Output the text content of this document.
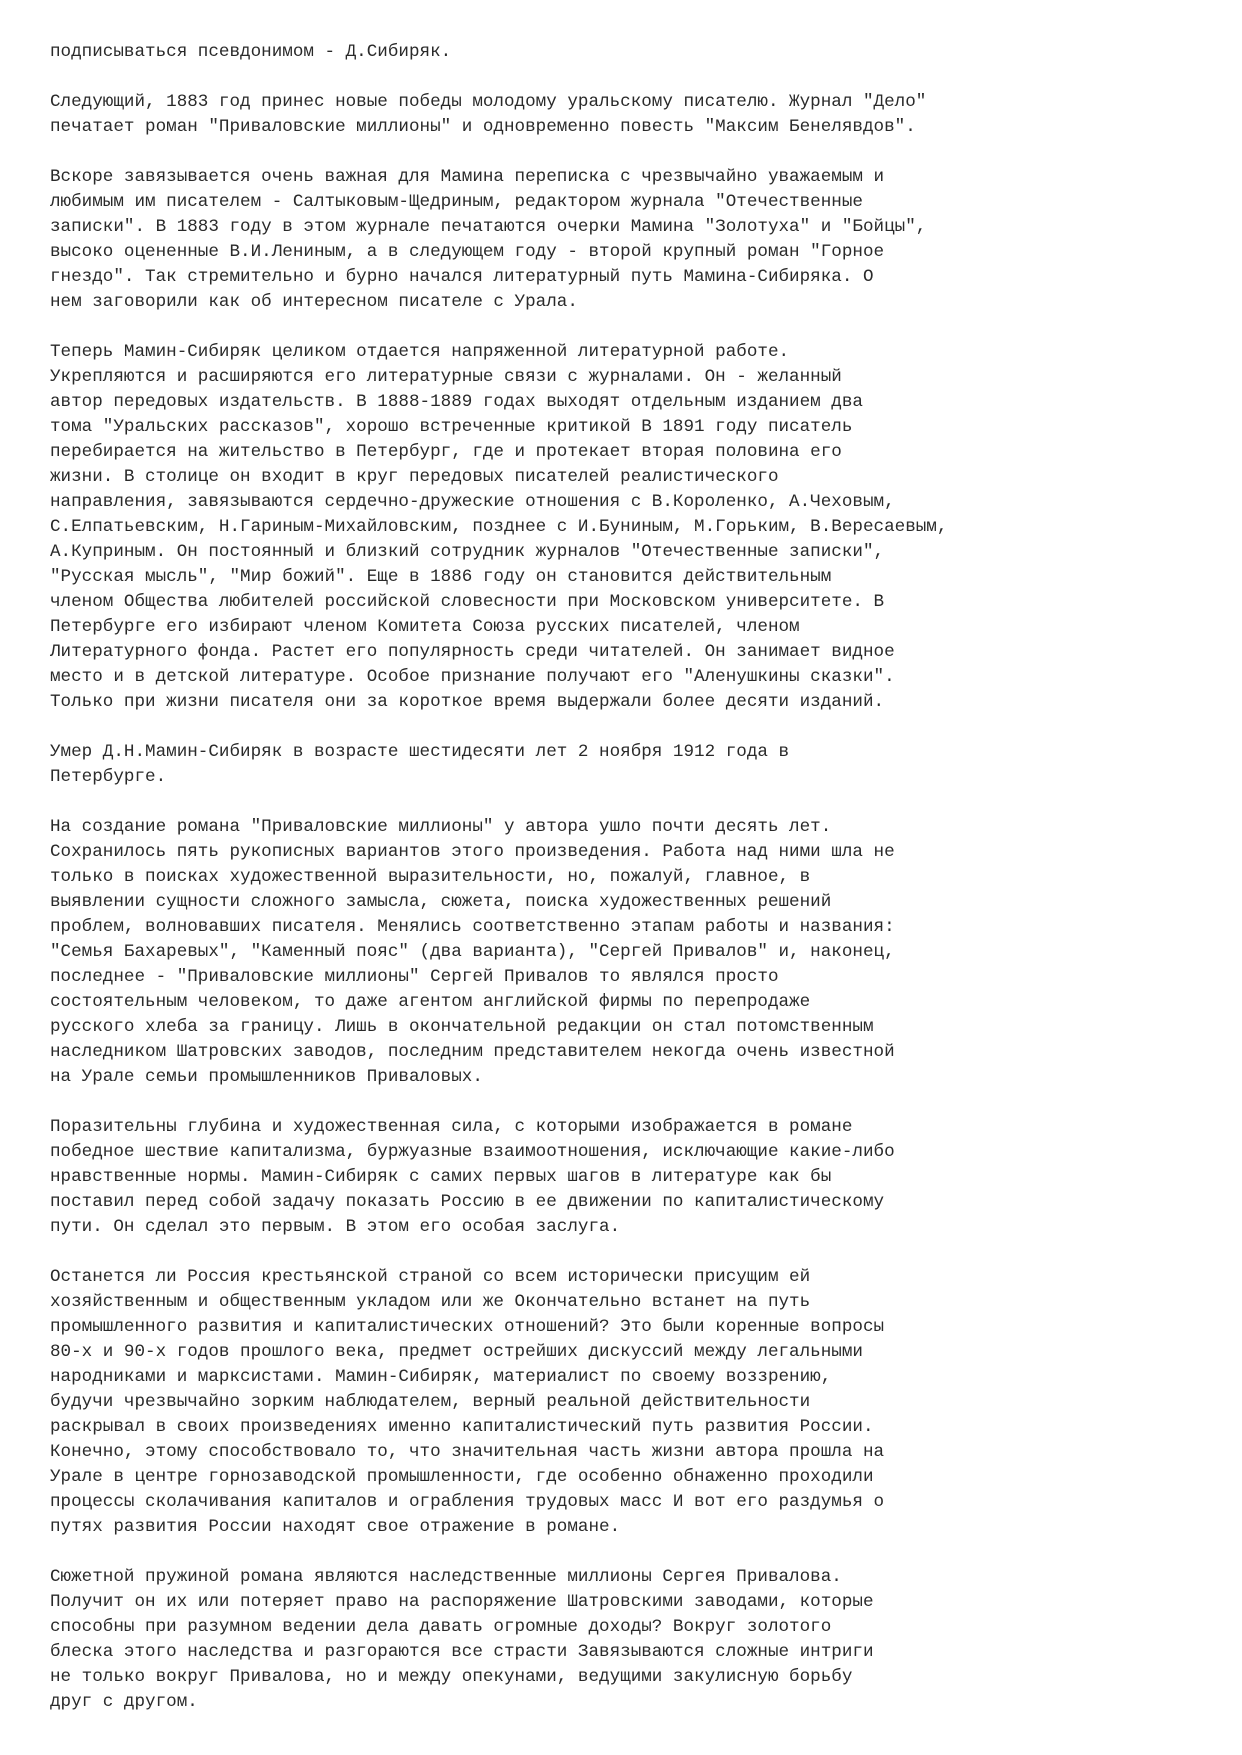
подписываться псевдонимом - Д.Сибиряк.

Следующий, 1883 год принес новые победы молодому уральскому писателю. Журнал "Дело"
печатает роман "Приваловские миллионы" и одновременно повесть "Максим Бенелявдов".

Вскоре завязывается очень важная для Мамина переписка с чрезвычайно уважаемым и
любимым им писателем - Салтыковым-Щедриным, редактором журнала "Отечественные
записки". В 1883 году в этом журнале печатаются очерки Мамина "Золотуха" и "Бойцы",
высоко оцененные В.И.Лениным, а в следующем году - второй крупный роман "Горное
гнездо". Так стремительно и бурно начался литературный путь Мамина-Сибиряка. О
нем заговорили как об интересном писателе с Урала.

Теперь Мамин-Сибиряк целиком отдается напряженной литературной работе.
Укрепляются и расширяются его литературные связи с журналами. Он - желанный
автор передовых издательств. В 1888-1889 годах выходят отдельным изданием два
тома "Уральских рассказов", хорошо встреченные критикой В 1891 году писатель
перебирается на жительство в Петербург, где и протекает вторая половина его
жизни. В столице он входит в круг передовых писателей реалистического
направления, завязываются сердечно-дружеские отношения с В.Короленко, А.Чеховым,
С.Елпатьевским, Н.Гариным-Михайловским, позднее с И.Буниным, М.Горьким, В.Вересаевым,
А.Куприным. Он постоянный и близкий сотрудник журналов "Отечественные записки",
"Русская мысль", "Мир божий". Еще в 1886 году он становится действительным
членом Общества любителей российской словесности при Московском университете. В
Петербурге его избирают членом Комитета Союза русских писателей, членом
Литературного фонда. Растет его популярность среди читателей. Он занимает видное
место и в детской литературе. Особое признание получают его "Аленушкины сказки".
Только при жизни писателя они за короткое время выдержали более десяти изданий.

Умер Д.Н.Мамин-Сибиряк в возрасте шестидесяти лет 2 ноября 1912 года в
Петербурге.

На создание романа "Приваловские миллионы" у автора ушло почти десять лет.
Сохранилось пять рукописных вариантов этого произведения. Работа над ними шла не
только в поисках художественной выразительности, но, пожалуй, главное, в
выявлении сущности сложного замысла, сюжета, поиска художественных решений
проблем, волновавших писателя. Менялись соответственно этапам работы и названия:
"Семья Бахаревых", "Каменный пояс" (два варианта), "Сергей Привалов" и, наконец,
последнее - "Приваловские миллионы" Сергей Привалов то являлся просто
состоятельным человеком, то даже агентом английской фирмы по перепродаже
русского хлеба за границу. Лишь в окончательной редакции он стал потомственным
наследником Шатровских заводов, последним представителем некогда очень известной
на Урале семьи промышленников Приваловых.

Поразительны глубина и художественная сила, с которыми изображается в романе
победное шествие капитализма, буржуазные взаимоотношения, исключающие какие-либо
нравственные нормы. Мамин-Сибиряк с самих первых шагов в литературе как бы
поставил перед собой задачу показать Россию в ее движении по капиталистическому
пути. Он сделал это первым. В этом его особая заслуга.

Останется ли Россия крестьянской страной со всем исторически присущим ей
хозяйственным и общественным укладом или же Окончательно встанет на путь
промышленного развития и капиталистических отношений? Это были коренные вопросы
80-х и 90-х годов прошлого века, предмет острейших дискуссий между легальными
народниками и марксистами. Мамин-Сибиряк, материалист по своему воззрению,
будучи чрезвычайно зорким наблюдателем, верный реальной действительности
раскрывал в своих произведениях именно капиталистический путь развития России.
Конечно, этому способствовало то, что значительная часть жизни автора прошла на
Урале в центре горнозаводской промышленности, где особенно обнаженно проходили
процессы сколачивания капиталов и ограбления трудовых масс И вот его раздумья о
путях развития России находят свое отражение в романе.

Сюжетной пружиной романа являются наследственные миллионы Сергея Привалова.
Получит он их или потеряет право на распоряжение Шатровскими заводами, которые
способны при разумном ведении дела давать огромные доходы? Вокруг золотого
блеска этого наследства и разгораются все страсти Завязываются сложные интриги
не только вокруг Привалова, но и между опекунами, ведущими закулисную борьбу
друг с другом.
